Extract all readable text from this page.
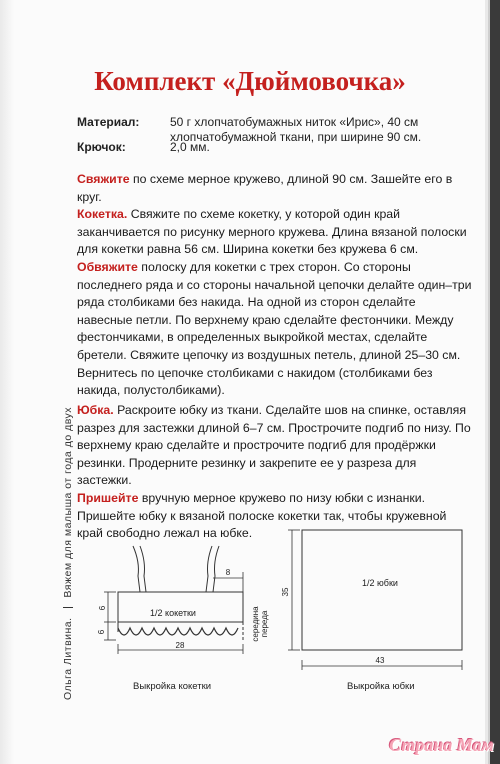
Ольга Литвина.  Вяжем для малыша от года до двух
Комплект «Дюймовочка»
Материал:	50 г хлопчатобумажных ниток «Ирис», 40 см
хлопчатобумажной ткани, при ширине 90 см.
Крючок:	2,0 мм.

Свяжите по схеме мерное кружево, длиной 90 см. Зашейте его в круг.

Кокетка. Свяжите по схеме кокетку, у которой один край заканчивается по рисунку мерного кружева. Длина вязаной полоски для кокетки равна 56 см. Ширина кокетки без кружева 6 см.

Обвяжите полоску для кокетки с трех сторон. Со стороны последнего ряда и со стороны начальной цепочки делайте один–три ряда столбиками без накида. На одной из сторон сделайте навесные петли. По верхнему краю сделайте фестончики. Между фестончиками, в определенных выкройкой местах, сделайте бретели. Свяжите цепочку из воздушных петель, длиной 25–30 см. Вернитесь по цепочке столбиками с накидом (столбиками без накида, полустолбиками).

Юбка. Раскроите юбку из ткани. Сделайте шов на спинке, оставляя разрез для застежки длиной 6–7 см. Прострочите подгиб по низу. По верхнему краю сделайте и прострочите подгиб для продёржки резинки. Продерните резинку и закрепите ее у разреза для застежки.

Пришейте вручную мерное кружево по низу юбки с изнанки. Пришейте юбку к вязаной полоске кокетки так, чтобы кружевной край свободно лежал на юбке.

8
1/2 кокетки
6
6
28
середина переда
Выкройка кокетки
1/2 юбки
35
43
Выкройка юбки
Страна Мам
